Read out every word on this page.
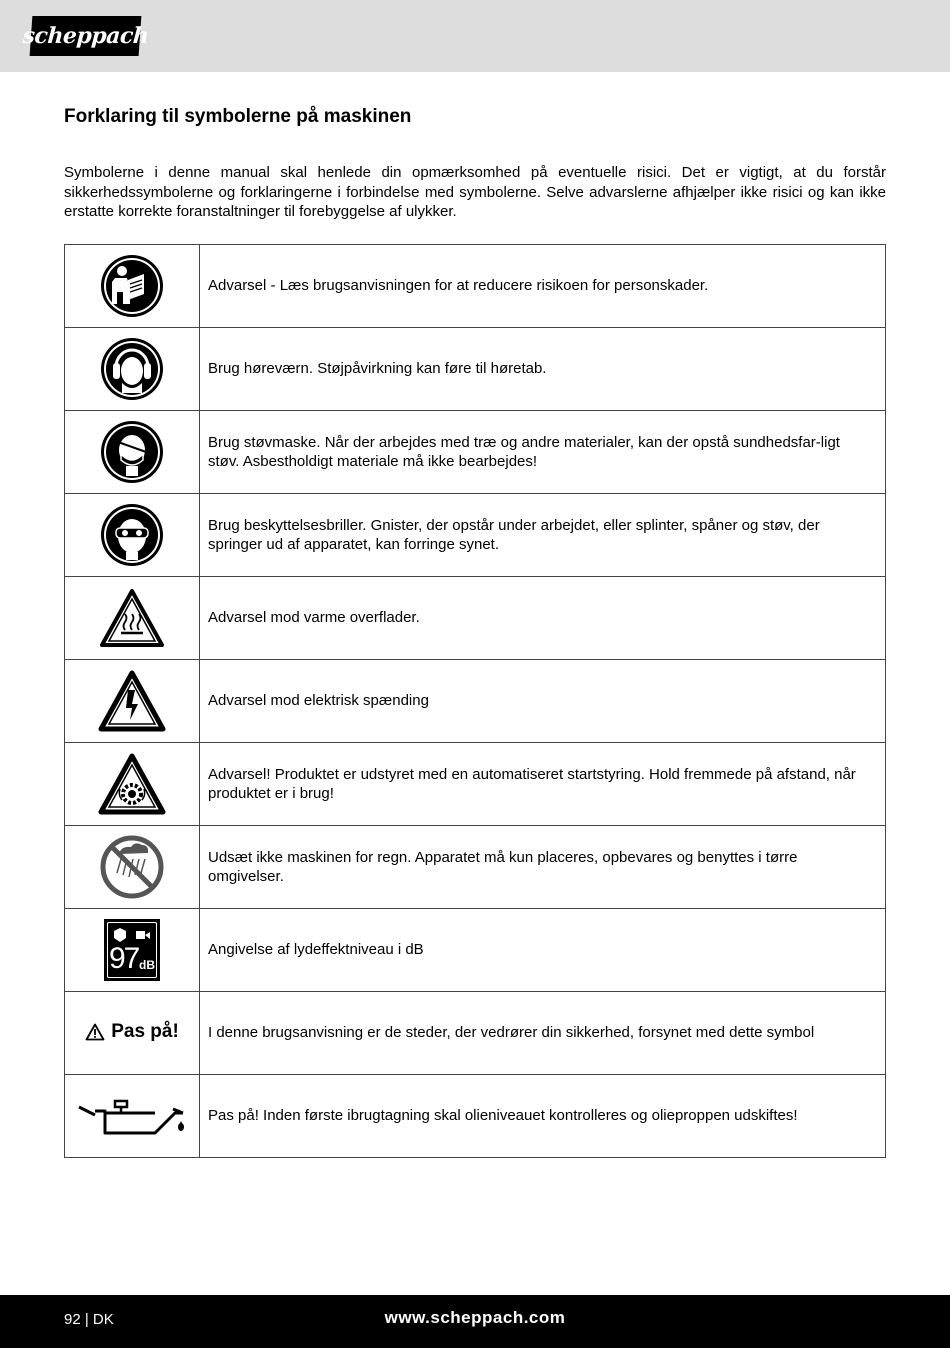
scheppach
Forklaring til symbolerne på maskinen

Symbolerne i denne manual skal henlede din opmærksomhed på eventuelle risici. Det er vigtigt, at du forstår sikkerhedssymbolerne og forklaringerne i forbindelse med symbolerne. Selve advarslerne afhjælper ikke risici og kan ikke erstatte korrekte foranstaltninger til forebyggelse af ulykker.

	Advarsel - Læs brugsanvisningen for at reducere risikoen for personskader.

	Brug høreværn. Støjpåvirkning kan føre til høretab.

	Brug støvmaske. Når der arbejdes med træ og andre materialer, kan der opstå sundhedsfar-ligt støv. Asbestholdigt materiale må ikke bearbejdes!

	Brug beskyttelsesbriller. Gnister, der opstår under arbejdet, eller splinter, spåner og støv, der springer ud af apparatet, kan forringe synet.

	Advarsel mod varme overflader.

	Advarsel mod elektrisk spænding

	Advarsel! Produktet er udstyret med en automatiseret startstyring. Hold fremmede på afstand, når produktet er i brug!

	Udsæt ikke maskinen for regn. Apparatet må kun placeres, opbevares og benyttes i tørre omgivelser.

97 dB	Angivelse af lydeffektniveau i dB

Pas på!	I denne brugsanvisning er de steder, der vedrører din sikkerhed, forsynet med dette symbol

	Pas på! Inden første ibrugtagning skal olieniveauet kontrolleres og olieproppen udskiftes!
92 | DK	www.scheppach.com
